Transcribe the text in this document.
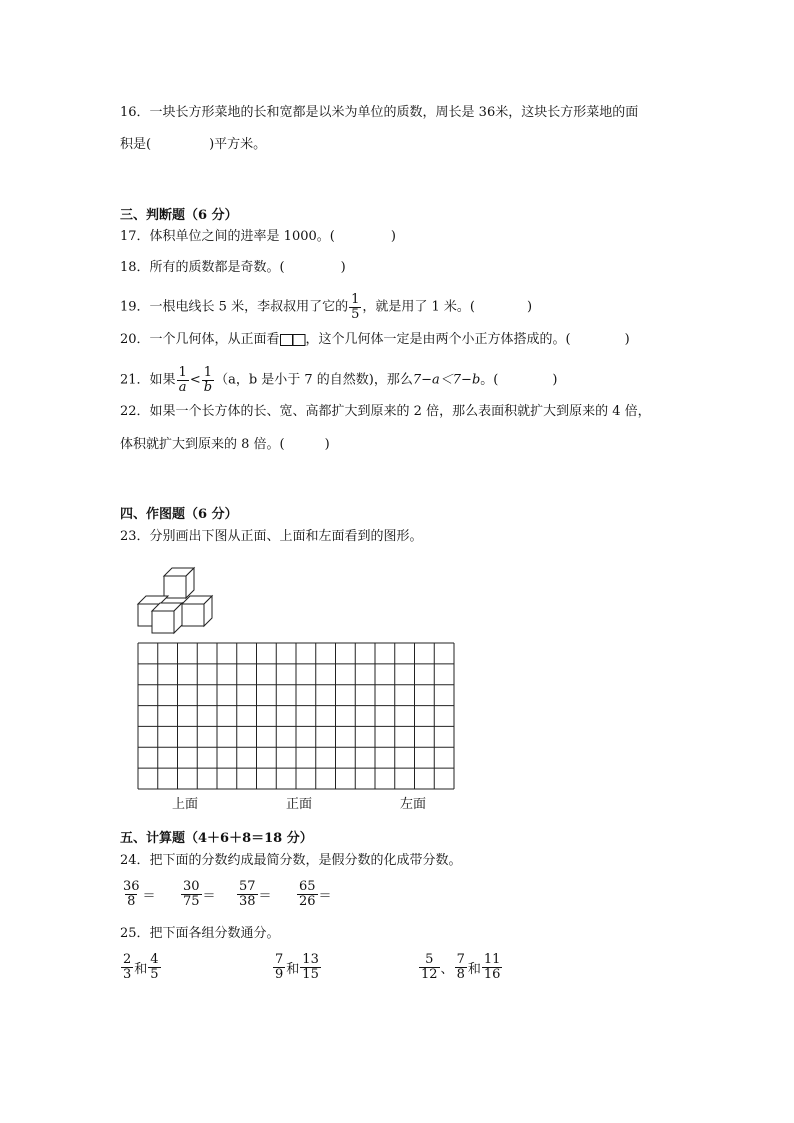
16．一块长方形菜地的长和宽都是以米为单位的质数，周长是 36米，这块长方形菜地的面
积是(	)平方米。
三、判断题（6 分）
17．体积单位之间的进率是 1000。(	)
18．所有的质数都是奇数。(	)
19．一根电线长 5 米，李叔叔用了它的 $\frac{1}{5}$ ，就是用了 1 米。(	)
20．一个几何体，从正面看 ，这个几何体一定是由两个小正方体搭成的。(	)
21．如果 $\frac{1}{a} < \frac{1}{b} (a$，b 是小于 7 的自然数)，那么7−a＜7−b。(	)
22．如果一个长方体的长、宽、高都扩大到原来的 2 倍，那么表面积就扩大到原来的 4 倍，
体积就扩大到原来的 8 倍。(	)
四、作图题（6 分）
23．分别画出下图从正面、上面和左面看到的图形。
上面	正面	左面
五、计算题（4＋6＋8＝18 分）
24．把下面的分数约成最简分数，是假分数的化成带分数。
$\frac{36}{8} = \frac{30}{75} = \frac{57}{38} = \frac{65}{26}$ ＝
25．把下面各组分数通分。
$\frac{2}{3}$ 和 $\frac{4}{5}$	$\frac{7}{9}$ 和 $\frac{13}{15}$	$\frac{5}{12}$ 、 $\frac{7}{8}$ 和 $\frac{11}{16}$
